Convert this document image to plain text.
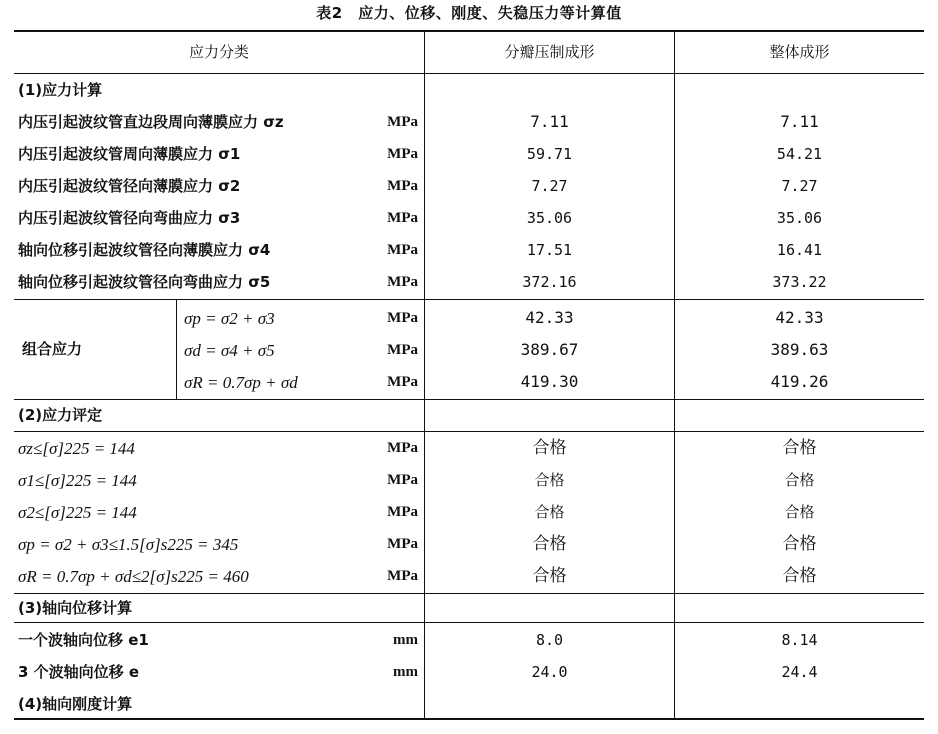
表2　应力、位移、刚度、失稳压力等计算值
应力分类	分瓣压制成形	整体成形
(1)应力计算
内压引起波纹管直边段周向薄膜应力 σz	MPa	7.11	7.11
内压引起波纹管周向薄膜应力 σ1	MPa	59.71	54.21
内压引起波纹管径向薄膜应力 σ2	MPa	7.27	7.27
内压引起波纹管径向弯曲应力 σ3	MPa	35.06	35.06
轴向位移引起波纹管径向薄膜应力 σ4	MPa	17.51	16.41
轴向位移引起波纹管径向弯曲应力 σ5	MPa	372.16	373.22
组合应力
σp = σ2 + σ3	MPa	42.33	42.33
σd = σ4 + σ5	MPa	389.67	389.63
σR = 0.7σp + σd	MPa	419.30	419.26
(2)应力评定
σz≤[σ]225 = 144	MPa	合格	合格
σ1≤[σ]225 = 144	MPa	合格	合格
σ2≤[σ]225 = 144	MPa	合格	合格
σp = σ2 + σ3≤1.5[σ]s225 = 345	MPa	合格	合格
σR = 0.7σp + σd≤2[σ]s225 = 460	MPa	合格	合格
(3)轴向位移计算
一个波轴向位移 e1	mm	8.0	8.14
3 个波轴向位移 e	mm	24.0	24.4
(4)轴向刚度计算
